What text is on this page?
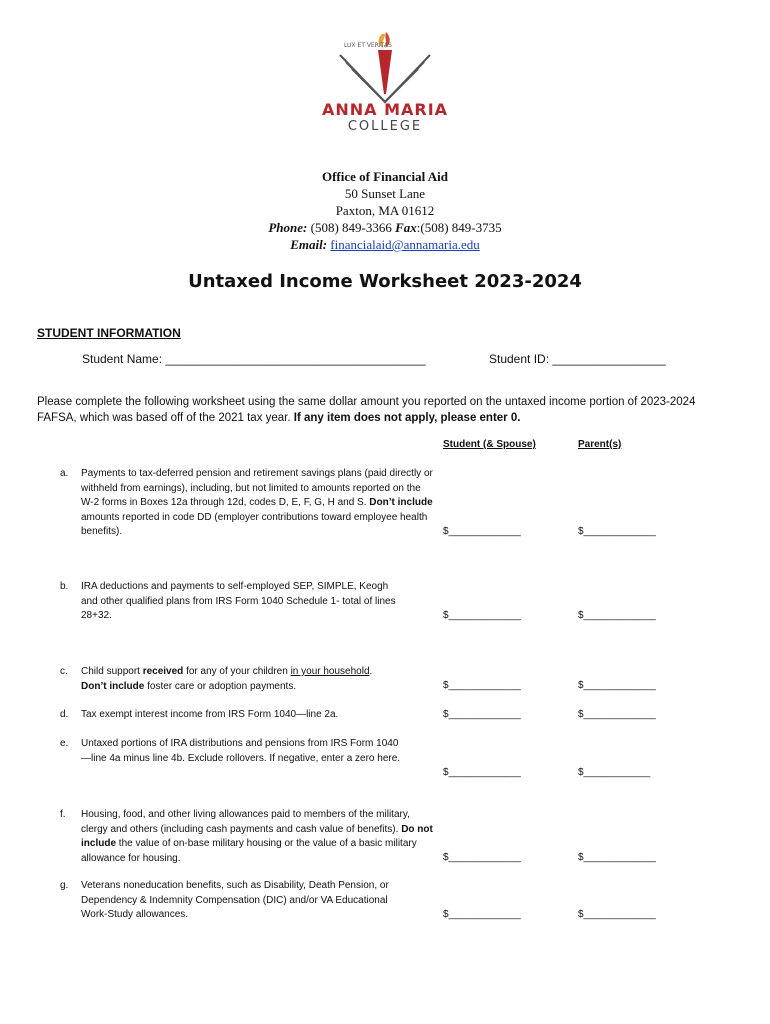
LUX ET VERITAS
ANNA MARIA
COLLEGE
Office of Financial Aid
50 Sunset Lane
Paxton, MA 01612
Phone: (508) 849-3366 Fax:(508) 849-3735
Email: financialaid@annamaria.edu
Untaxed Income Worksheet 2023-2024
STUDENT INFORMATION
Student Name: _______________________________________	Student ID: _________________
Please complete the following worksheet using the same dollar amount you reported on the untaxed income portion of 2023-2024 FAFSA, which was based off of the 2021 tax year. If any item does not apply, please enter 0.
Student (& Spouse)	Parent(s)
a. Payments to tax-deferred pension and retirement savings plans (paid directly or withheld from earnings), including, but not limited to amounts reported on the W-2 forms in Boxes 12a through 12d, codes D, E, F, G, H and S. Don’t include amounts reported in code DD (employer contributions toward employee health benefits).	$_____________	$_____________
b. IRA deductions and payments to self-employed SEP, SIMPLE, Keogh and other qualified plans from IRS Form 1040 Schedule 1- total of lines 28+32.	$_____________	$_____________
c. Child support received for any of your children in your household.
Don’t include foster care or adoption payments.	$_____________	$_____________
d. Tax exempt interest income from IRS Form 1040—line 2a.	$_____________	$_____________
e. Untaxed portions of IRA distributions and pensions from IRS Form 1040—line 4a minus line 4b. Exclude rollovers. If negative, enter a zero here.
$_____________	$____________
f. Housing, food, and other living allowances paid to members of the military, clergy and others (including cash payments and cash value of benefits). Do not include the value of on-base military housing or the value of a basic military allowance for housing.	$_____________	$_____________
g. Veterans noneducation benefits, such as Disability, Death Pension, or Dependency & Indemnity Compensation (DIC) and/or VA Educational Work-Study allowances.	$_____________	$_____________
